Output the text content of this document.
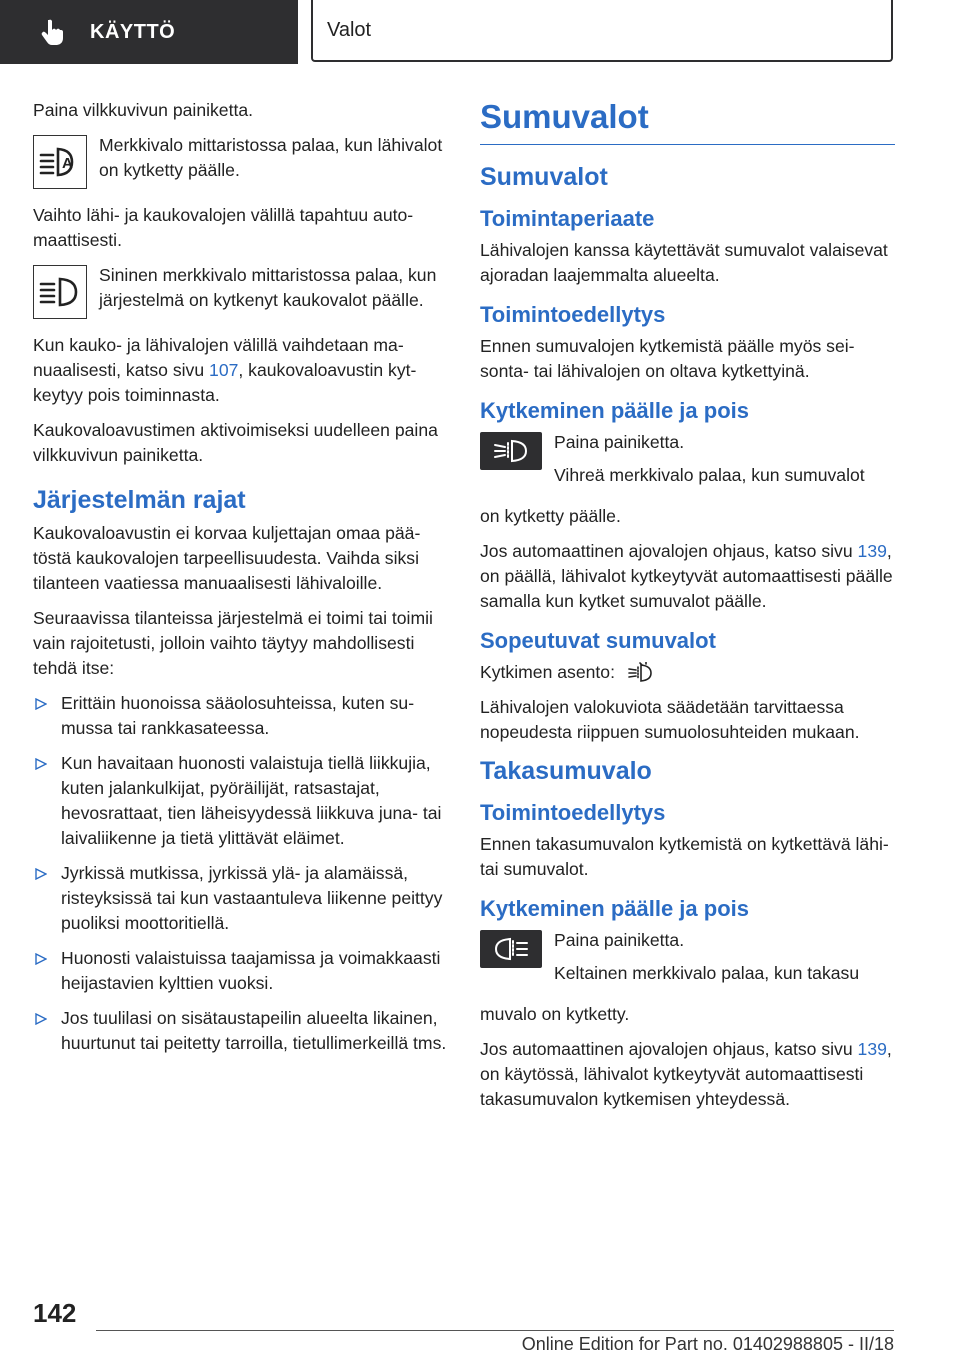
KÄYTTÖ	Valot

Paina vilkkuvivun painiketta.

A
Merkkivalo mittaristossa palaa, kun lähivalot on kytketty päälle.

Vaihto lähi- ja kaukovalojen välillä tapahtuu automaattisesti.

Sininen merkkivalo mittaristossa palaa, kun järjestelmä on kytkenyt kaukovalot päälle.

Kun kauko- ja lähivalojen välillä vaihdetaan manuaalisesti, katso sivu 107, kaukovaloavustin kytkeytyy pois toiminnasta.

Kaukovaloavustimen aktivoimiseksi uudelleen paina vilkkuvivun painiketta.

Järjestelmän rajat

Kaukovaloavustin ei korvaa kuljettajan omaa päätöstä kaukovalojen tarpeellisuudesta. Vaihda siksi tilanteen vaatiessa manuaalisesti lähivaloille.

Seuraavissa tilanteissa järjestelmä ei toimi tai toimii vain rajoitetusti, jolloin vaihto täytyy mahdollisesti tehdä itse:

Erittäin huonoissa sääolosuhteissa, kuten sumussa tai rankkasateessa.
Kun havaitaan huonosti valaistuja tiellä liikkujia, kuten jalankulkijat, pyöräilijät, ratsastajat, hevosrattaat, tien läheisyydessä liikkuva juna- tai laivaliikenne ja tietä ylittävät eläimet.
Jyrkissä mutkissa, jyrkissä ylä- ja alamäissä, risteyksissä tai kun vastaantuleva liikenne peittyy puoliksi moottoritiellä.
Huonosti valaistuissa taajamissa ja voimakkaasti heijastavien kylttien vuoksi.
Jos tuulilasi on sisätaustapeilin alueelta likainen, huurtunut tai peitetty tarroilla, tietullimerkeillä tms.
Sumuvalot
Sumuvalot
Toimintaperiaate

Lähivalojen kanssa käytettävät sumuvalot valaisevat ajoradan laajemmalta alueelta.

Toimintoedellytys

Ennen sumuvalojen kytkemistä päälle myös seisonta- tai lähivalojen on oltava kytkettyinä.

Kytkeminen päälle ja pois

Paina painiketta.

Vihreä merkkivalo palaa, kun sumuvalot

on kytketty päälle.

Jos automaattinen ajovalojen ohjaus, katso sivu 139, on päällä, lähivalot kytkeytyvät automaattisesti päälle samalla kun kytket sumuvalot päälle.

Sopeutuvat sumuvalot

Kytkimen asento:

Lähivalojen valokuviota säädetään tarvittaessa nopeudesta riippuen sumuolosuhteiden mukaan.

Takasumuvalo
Toimintoedellytys

Ennen takasumuvalon kytkemistä on kytkettävä lähi- tai sumuvalot.

Kytkeminen päälle ja pois

Paina painiketta.

Keltainen merkkivalo palaa, kun takasu

muvalo on kytketty.

Jos automaattinen ajovalojen ohjaus, katso sivu 139, on käytössä, lähivalot kytkeytyvät automaattisesti takasumuvalon kytkemisen yhteydessä.

142
Online Edition for Part no. 01402988805 - II/18
